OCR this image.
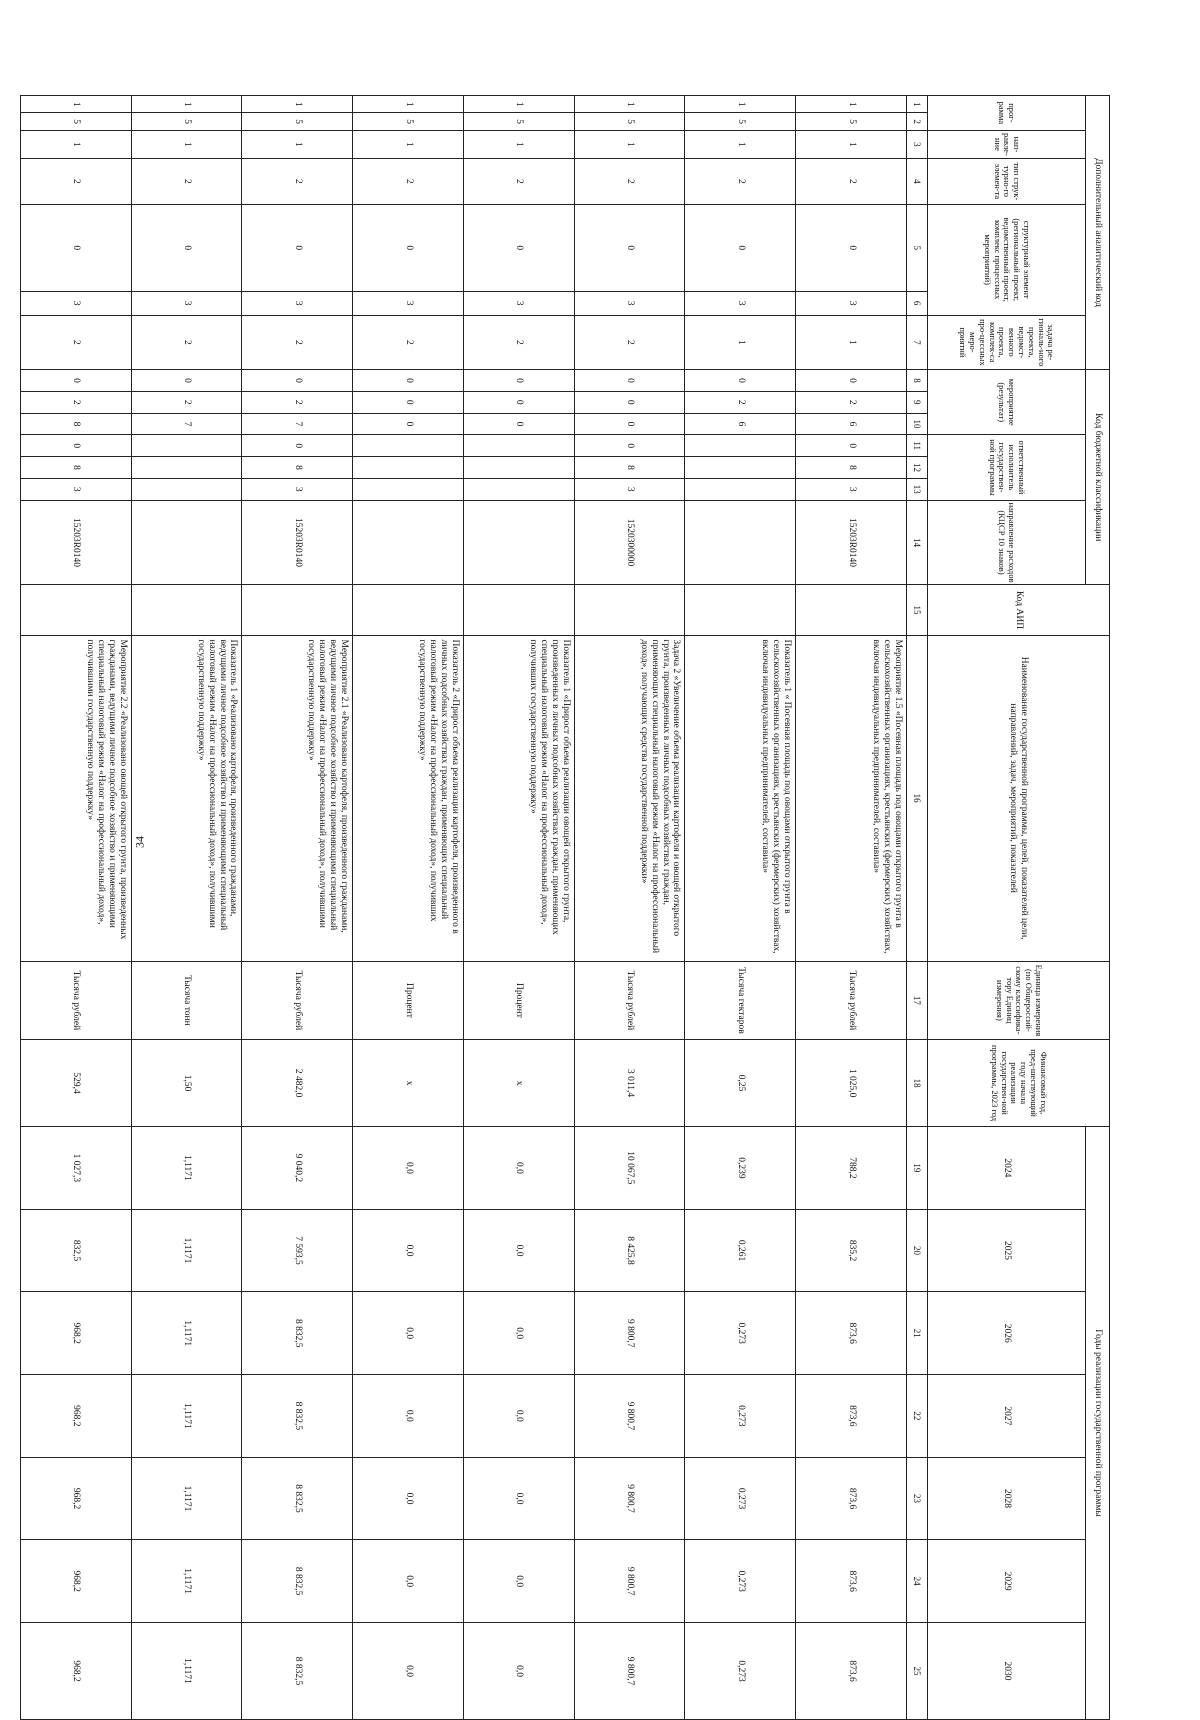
34
Дополнительный аналитический код							Код бюджетной классификации							Код АИП	Наименование государственной программы, целей, показателей цели, направлений, задач, мероприятий, показателей	Единица измерения (по Общероссий-скому классифика-тору Единиц измерения)	Финансовый год, пред-шествующий году начала реализации государствен-ной программы, 2023 год	Годы реализации государственной программы						
прог-рамма		нап-равле-ние	тип струк-турно-го элемен-та	структурный элемент (региональный проект, ведомственный проект, комплекс процессных мероприятий)		задача ре-гиональ-ного проекта, ведомст-венного проекта, комплек-са про-цессных меро-приятий	мероприятие (результат)			ответственный исполнитель государствен-ной программы			направление расходов (КЦСР 10 знаков)					2024	2025	2026	2027	2028	2029	2030

1	2	3	4	5	6	7	8	9	10	11	12	13	14	15	16	17	18	19	20	21	22	23	24	25
1	5	1	2	0	3	1	0	2	6	0	8	3	15203R0140		Мероприятие 1.5 «Посевная площадь под овощами открытого грунта в сельскохозяйственных организациях, крестьянских (фермерских) хозяйствах, включая индивидуальных предпринимателей, составила»	Тысяча рублей	1 025,0	788,2	835,2	873,6	873,6	873,6	873,6	873,6
1	5	1	2	0	3	1	0	2	6						Показатель 1 « Посевная площадь под овощами открытого грунта в сельскохозяйственных организациях, крестьянских (фермерских) хозяйствах, включая индивидуальных предпринимателей, составила»	Тысяча гектаров	0,25	0,239	0,261	0,273	0,273	0,273	0,273	0,273
1	5	1	2	0	3	2	0	0	0	0	8	3	1520300000		Задача 2 «Увеличение объема реализации картофеля и овощей открытого грунта, произведенных в личных подсобных хозяйствах граждан, применяющих специальный налоговый режим «Налог на профессиональный доход», получающих средства государственной поддержки»	Тысяча рублей	3 011,4	10 067,5	8 425,8	9 800,7	9 800,7	9 800,7	9 800,7	9 800,7
1	5	1	2	0	3	2	0	0	0						Показатель 1 «Прирост объема реализации овощей открытого грунта, произведенных в личных подсобных хозяйствах граждан, применяющих специальный налоговый режим «Налог на профессиональный доход», получивших государственную поддержку»	Процент	x	0,0	0,0	0,0	0,0	0,0	0,0	0,0
1	5	1	2	0	3	2	0	0	0						Показатель 2 «Прирост объема реализации картофеля, произведенного в личных подсобных хозяйствах граждан, применяющих специальный налоговый режим «Налог на профессиональный доход», получивших государственную поддержку»	Процент	x	0,0	0,0	0,0	0,0	0,0	0,0	0,0
1	5	1	2	0	3	2	0	2	7	0	8	3	15203R0140		Мероприятие 2.1 «Реализовано картофеля, произведенного гражданами, ведущими личное подсобное хозяйство и применяющими специальный налоговый режим «Налог на профессиональный доход», получившими государственную поддержку»	Тысяча рублей	2 482,0	9 040,2	7 593,5	8 832,5	8 832,5	8 832,5	8 832,5	8 832,5
1	5	1	2	0	3	2	0	2	7						Показатель 1 «Реализовано картофеля, произведенного гражданами, ведущими личное подсобное хозяйство и применяющими специальный налоговый режим «Налог на профессиональный доход», получившими государственную поддержку»	Тысяча тонн	1,50	1,1171	1,1171	1,1171	1,1171	1,1171	1,1171	1,1171
1	5	1	2	0	3	2	0	2	8	0	8	3	15203R0140		Мероприятие 2.2 «Реализовано овощей открытого грунта, произведенных гражданами, ведущими личное подсобное хозяйство и применяющими специальный налоговый режим «Налог на профессиональный доход», получившими государственную поддержку»	Тысяча рублей	529,4	1 027,3	832,5	968,2	968,2	968,2	968,2	968,2
